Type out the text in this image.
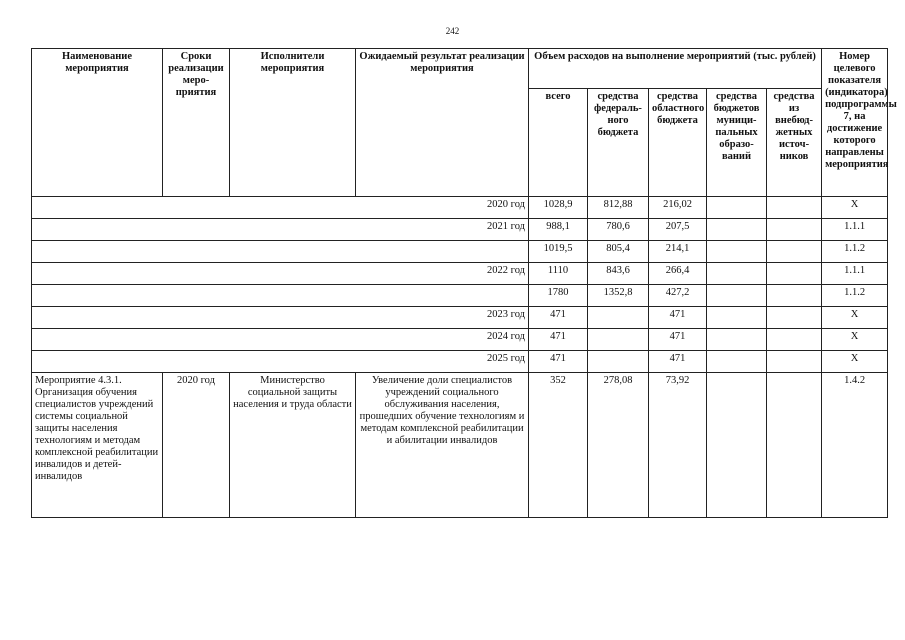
242
Наименование мероприятия	Сроки реализации меро-приятия	Исполнители мероприятия	Ожидаемый результат реализации мероприятия	Объем расходов на выполнение мероприятий (тыс. рублей)					Номер целевого показателя (индикатора) подпрограммы 7, на достижение которого направлены мероприятия
				всего	средства федераль-ного бюджета	средства областного бюджета	средства бюджетов муници-пальных образо-ваний	средства из внебюд-жетных источ-ников	
2020 год				1028,9	812,88	216,02			X
2021 год				988,1	780,6	207,5			1.1.1
				1019,5	805,4	214,1			1.1.2
2022 год				1110	843,6	266,4			1.1.1
				1780	1352,8	427,2			1.1.2
2023 год				471		471			X
2024 год				471		471			X
2025 год				471		471			X
Мероприятие 4.3.1. Организация обучения специалистов учреждений системы социальной защиты населения технологиям и методам комплексной реабилитации инвалидов и детей-инвалидов	2020 год	Министерство социальной защиты населения и труда области	Увеличение доли специалистов учреждений социального обслуживания населения, прошедших обучение технологиям и методам комплексной реабилитации и абилитации инвалидов	352	278,08	73,92			1.4.2
